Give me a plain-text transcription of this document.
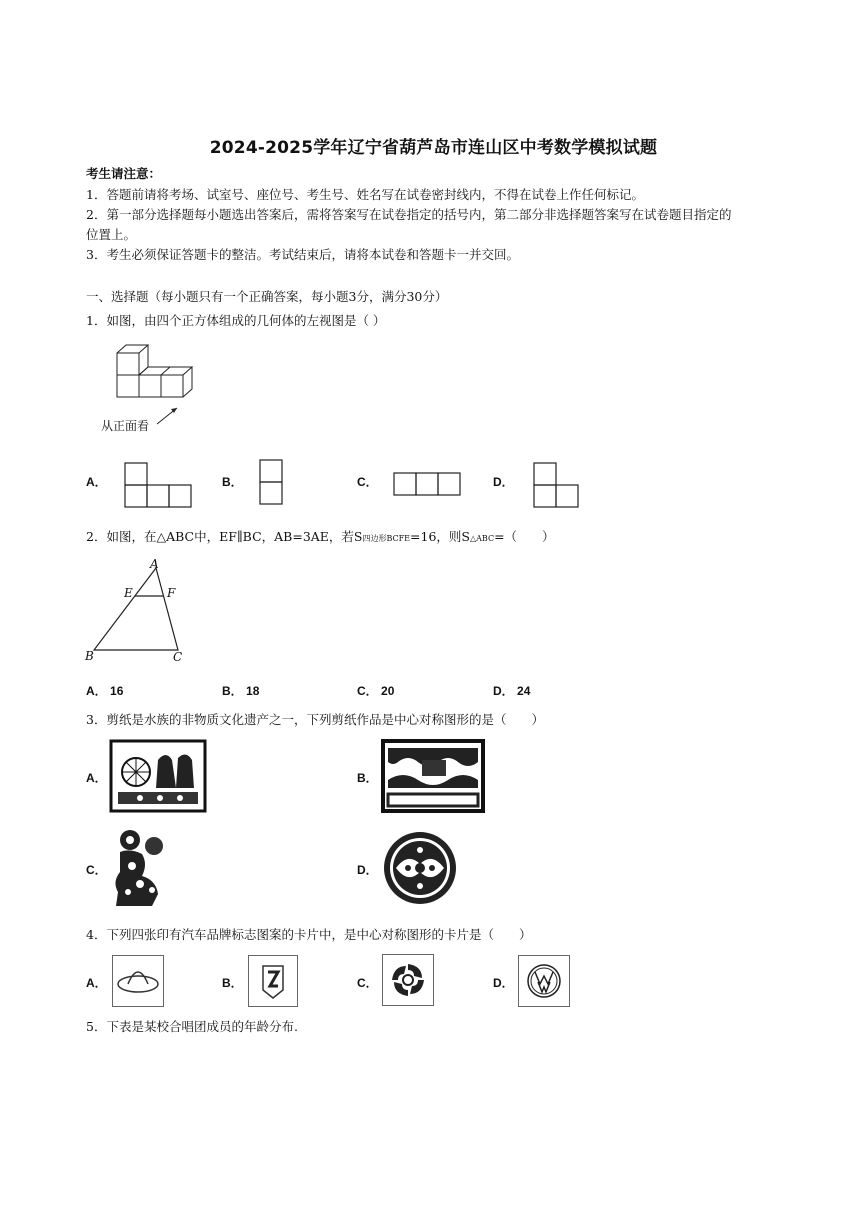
2024-2025学年辽宁省葫芦岛市连山区中考数学模拟试题
考生请注意：
1．答题前请将考场、试室号、座位号、考生号、姓名写在试卷密封线内，不得在试卷上作任何标记。
2．第一部分选择题每小题选出答案后，需将答案写在试卷指定的括号内，第二部分非选择题答案写在试卷题目指定的
位置上。
3．考生必须保证答题卡的整洁。考试结束后，请将本试卷和答题卡一并交回。
一、选择题（每小题只有一个正确答案，每小题3分，满分30分）
1．如图，由四个正方体组成的几何体的左视图是（ ）
从正面看
A．	B．	C．	D．
2．如图，在△ABC中，EF∥BC，AB=3AE，若S四边形BCFE=16，则S△ABC=（　　）
A
E	F
B	C
A． 16	B． 18	C． 20	D． 24
3．剪纸是水族的非物质文化遗产之一，下列剪纸作品是中心对称图形的是（　　）
A．	B．
C．	D．
4．下列四张印有汽车品牌标志图案的卡片中，是中心对称图形的卡片是（　　）
A．	B．	C．	D．
5．下表是某校合唱团成员的年龄分布.
